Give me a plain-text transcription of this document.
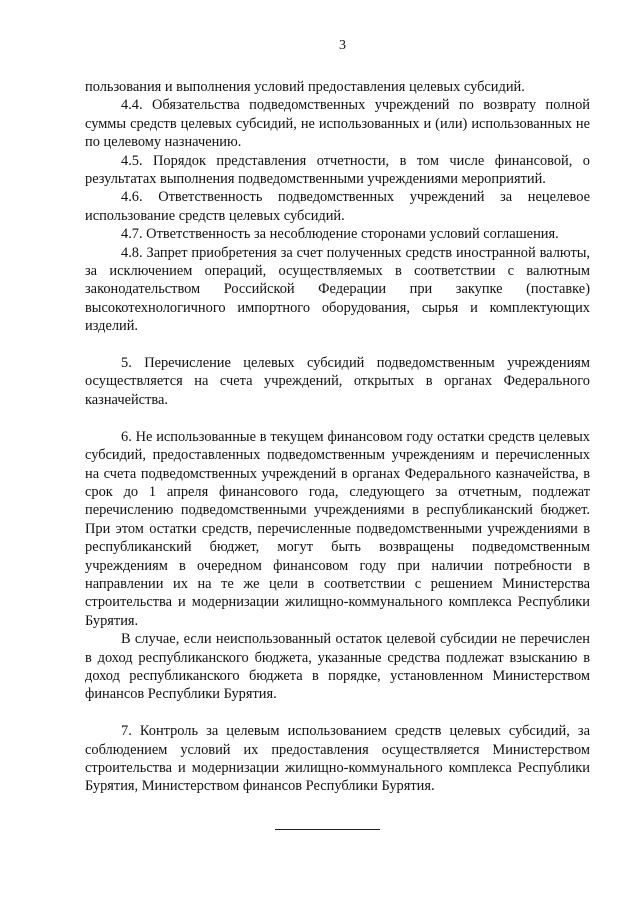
3

пользования и выполнения условий предоставления целевых субсидий.

4.4. Обязательства подведомственных учреждений по возврату полной суммы средств целевых субсидий, не использованных и (или) использованных не по целевому назначению.

4.5. Порядок представления отчетности, в том числе финансовой, о результатах выполнения подведомственными учреждениями мероприятий.

4.6. Ответственность подведомственных учреждений за нецелевое использование средств целевых субсидий.

4.7. Ответственность за несоблюдение сторонами условий соглашения.

4.8. Запрет приобретения за счет полученных средств иностранной валюты, за исключением операций, осуществляемых в соответствии с валютным законодательством Российской Федерации при закупке (поставке) высокотехнологичного импортного оборудования, сырья и комплектующих изделий.

5. Перечисление целевых субсидий подведомственным учреждениям осуществляется на счета учреждений, открытых в органах Федерального казначейства.

6. Не использованные в текущем финансовом году остатки средств целевых субсидий, предоставленных подведомственным учреждениям и перечисленных на счета подведомственных учреждений в органах Федерального казначейства, в срок до 1 апреля финансового года, следующего за отчетным, подлежат перечислению подведомственными учреждениями в республиканский бюджет. При этом остатки средств, перечисленные подведомственными учреждениями в республиканский бюджет, могут быть возвращены подведомственным учреждениям в очередном финансовом году при наличии потребности в направлении их на те же цели в соответствии с решением Министерства строительства и модернизации жилищно-коммунального комплекса Республики Бурятия.

В случае, если неиспользованный остаток целевой субсидии не перечислен в доход республиканского бюджета, указанные средства подлежат взысканию в доход республиканского бюджета в порядке, установленном Министерством финансов Республики Бурятия.

7. Контроль за целевым использованием средств целевых субсидий, за соблюдением условий их предоставления осуществляется Министерством строительства и модернизации жилищно-коммунального комплекса Республики Бурятия, Министерством финансов Республики Бурятия.
